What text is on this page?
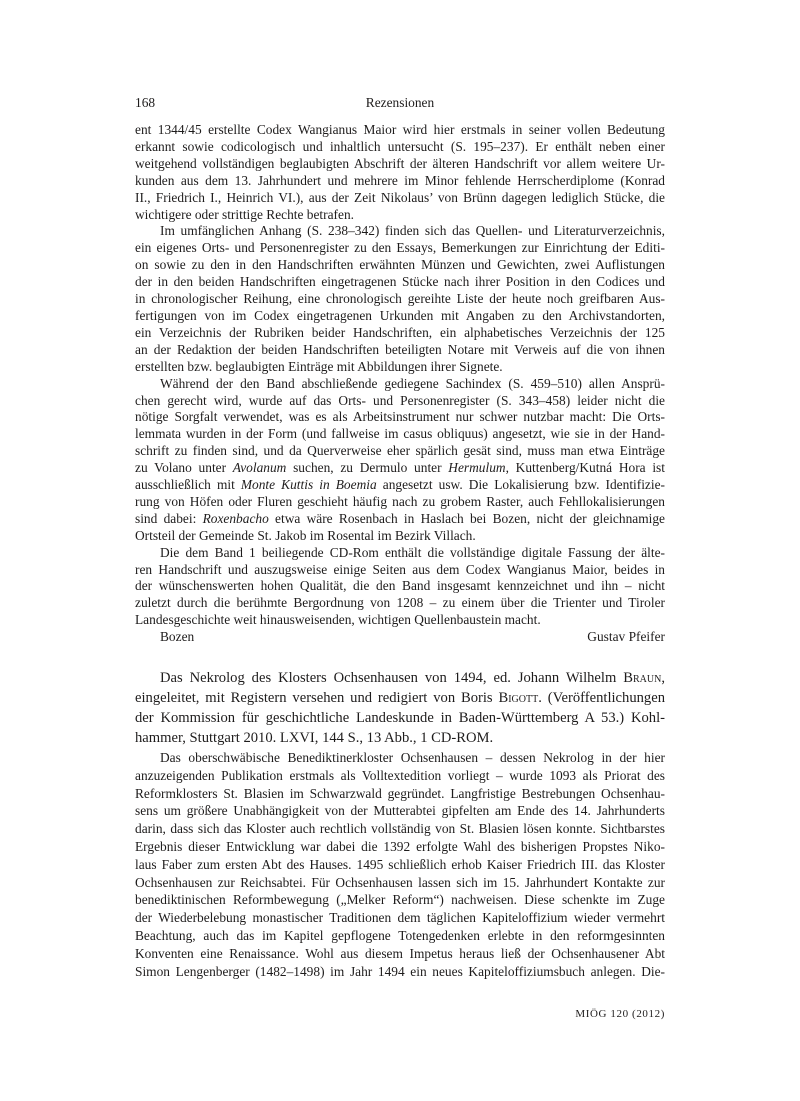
168	Rezensionen
ent 1344/45 erstellte Codex Wangianus Maior wird hier erstmals in seiner vollen Bedeutung
erkannt sowie codicologisch und inhaltlich untersucht (S. 195–237). Er enthält neben einer
weitgehend vollständigen beglaubigten Abschrift der älteren Handschrift vor allem weitere Ur-
kunden aus dem 13. Jahrhundert und mehrere im Minor fehlende Herrscherdiplome (Konrad
II., Friedrich I., Heinrich VI.), aus der Zeit Nikolaus’ von Brünn dagegen lediglich Stücke, die
wichtigere oder strittige Rechte betrafen.
Im umfänglichen Anhang (S. 238–342) finden sich das Quellen- und Literaturverzeichnis,
ein eigenes Orts- und Personenregister zu den Essays, Bemerkungen zur Einrichtung der Editi-
on sowie zu den in den Handschriften erwähnten Münzen und Gewichten, zwei Auflistungen
der in den beiden Handschriften eingetragenen Stücke nach ihrer Position in den Codices und
in chronologischer Reihung, eine chronologisch gereihte Liste der heute noch greifbaren Aus-
fertigungen von im Codex eingetragenen Urkunden mit Angaben zu den Archivstandorten,
ein Verzeichnis der Rubriken beider Handschriften, ein alphabetisches Verzeichnis der 125
an der Redaktion der beiden Handschriften beteiligten Notare mit Verweis auf die von ihnen
erstellten bzw. beglaubigten Einträge mit Abbildungen ihrer Signete.
Während der den Band abschließende gediegene Sachindex (S. 459–510) allen Ansprü-
chen gerecht wird, wurde auf das Orts- und Personenregister (S. 343–458) leider nicht die
nötige Sorgfalt verwendet, was es als Arbeitsinstrument nur schwer nutzbar macht: Die Orts-
lemmata wurden in der Form (und fallweise im casus obliquus) angesetzt, wie sie in der Hand-
schrift zu finden sind, und da Querverweise eher spärlich gesät sind, muss man etwa Einträge
zu Volano unter Avolanum suchen, zu Dermulo unter Hermulum, Kuttenberg/Kutná Hora ist
ausschließlich mit Monte Kuttis in Boemia angesetzt usw. Die Lokalisierung bzw. Identifizie-
rung von Höfen oder Fluren geschieht häufig nach zu grobem Raster, auch Fehllokalisierungen
sind dabei: Roxenbacho etwa wäre Rosenbach in Haslach bei Bozen, nicht der gleichnamige
Ortsteil der Gemeinde St. Jakob im Rosental im Bezirk Villach.
Die dem Band 1 beiliegende CD-Rom enthält die vollständige digitale Fassung der älte-
ren Handschrift und auszugsweise einige Seiten aus dem Codex Wangianus Maior, beides in
der wünschenswerten hohen Qualität, die den Band insgesamt kennzeichnet und ihn – nicht
zuletzt durch die berühmte Bergordnung von 1208 – zu einem über die Trienter und Tiroler
Landesgeschichte weit hinausweisenden, wichtigen Quellenbaustein macht.
Bozen	Gustav Pfeifer
Das Nekrolog des Klosters Ochsenhausen von 1494, ed. Johann Wilhelm Braun,
eingeleitet, mit Registern versehen und redigiert von Boris Bigott. (Veröffentlichungen
der Kommission für geschichtliche Landeskunde in Baden-Württemberg A 53.) Kohl-
hammer, Stuttgart 2010. LXVI, 144 S., 13 Abb., 1 CD-ROM.
Das oberschwäbische Benediktinerkloster Ochsenhausen – dessen Nekrolog in der hier
anzuzeigenden Publikation erstmals als Volltextedition vorliegt – wurde 1093 als Priorat des
Reformklosters St. Blasien im Schwarzwald gegründet. Langfristige Bestrebungen Ochsenhau-
sens um größere Unabhängigkeit von der Mutterabtei gipfelten am Ende des 14. Jahrhunderts
darin, dass sich das Kloster auch rechtlich vollständig von St. Blasien lösen konnte. Sichtbarstes
Ergebnis dieser Entwicklung war dabei die 1392 erfolgte Wahl des bisherigen Propstes Niko-
laus Faber zum ersten Abt des Hauses. 1495 schließlich erhob Kaiser Friedrich III. das Kloster
Ochsenhausen zur Reichsabtei. Für Ochsenhausen lassen sich im 15. Jahrhundert Kontakte zur
benediktinischen Reformbewegung („Melker Reform“) nachweisen. Diese schenkte im Zuge
der Wiederbelebung monastischer Traditionen dem täglichen Kapiteloffizium wieder vermehrt
Beachtung, auch das im Kapitel gepflogene Totengedenken erlebte in den reformgesinnten
Konventen eine Renaissance. Wohl aus diesem Impetus heraus ließ der Ochsenhausener Abt
Simon Lengenberger (1482–1498) im Jahr 1494 ein neues Kapiteloffiziumsbuch anlegen. Die-
MIÖG 120 (2012)
